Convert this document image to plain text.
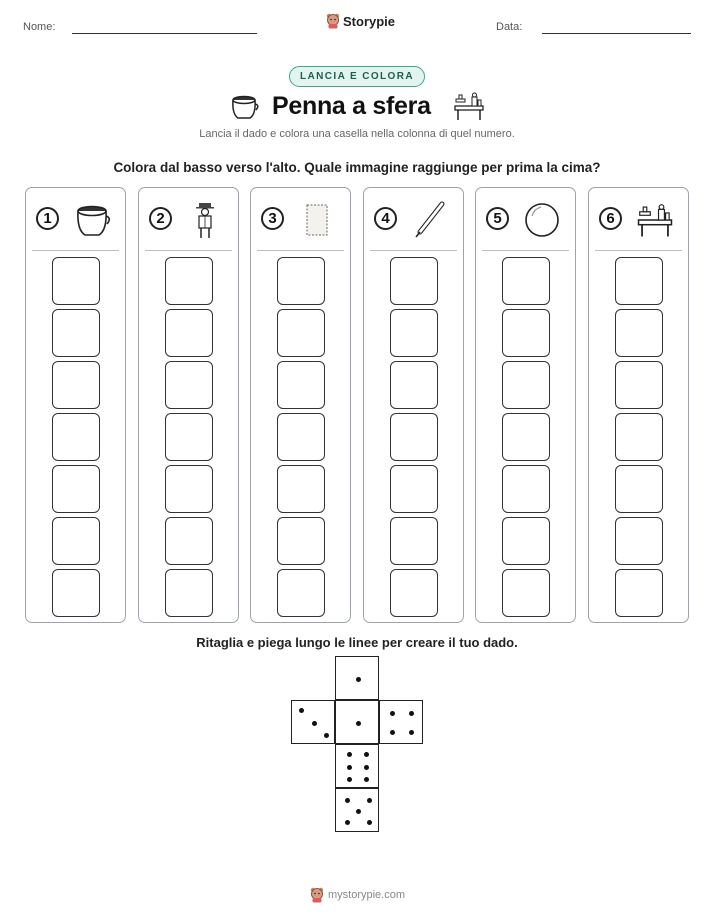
Nome:	Data:
Storypie
LANCIA E COLORA
Penna a sfera
Lancia il dado e colora una casella nella colonna di quel numero.
Colora dal basso verso l'alto. Quale immagine raggiunge per prima la cima?
1	2	3	4	5	6
Ritaglia e piega lungo le linee per creare il tuo dado.
mystorypie.com
